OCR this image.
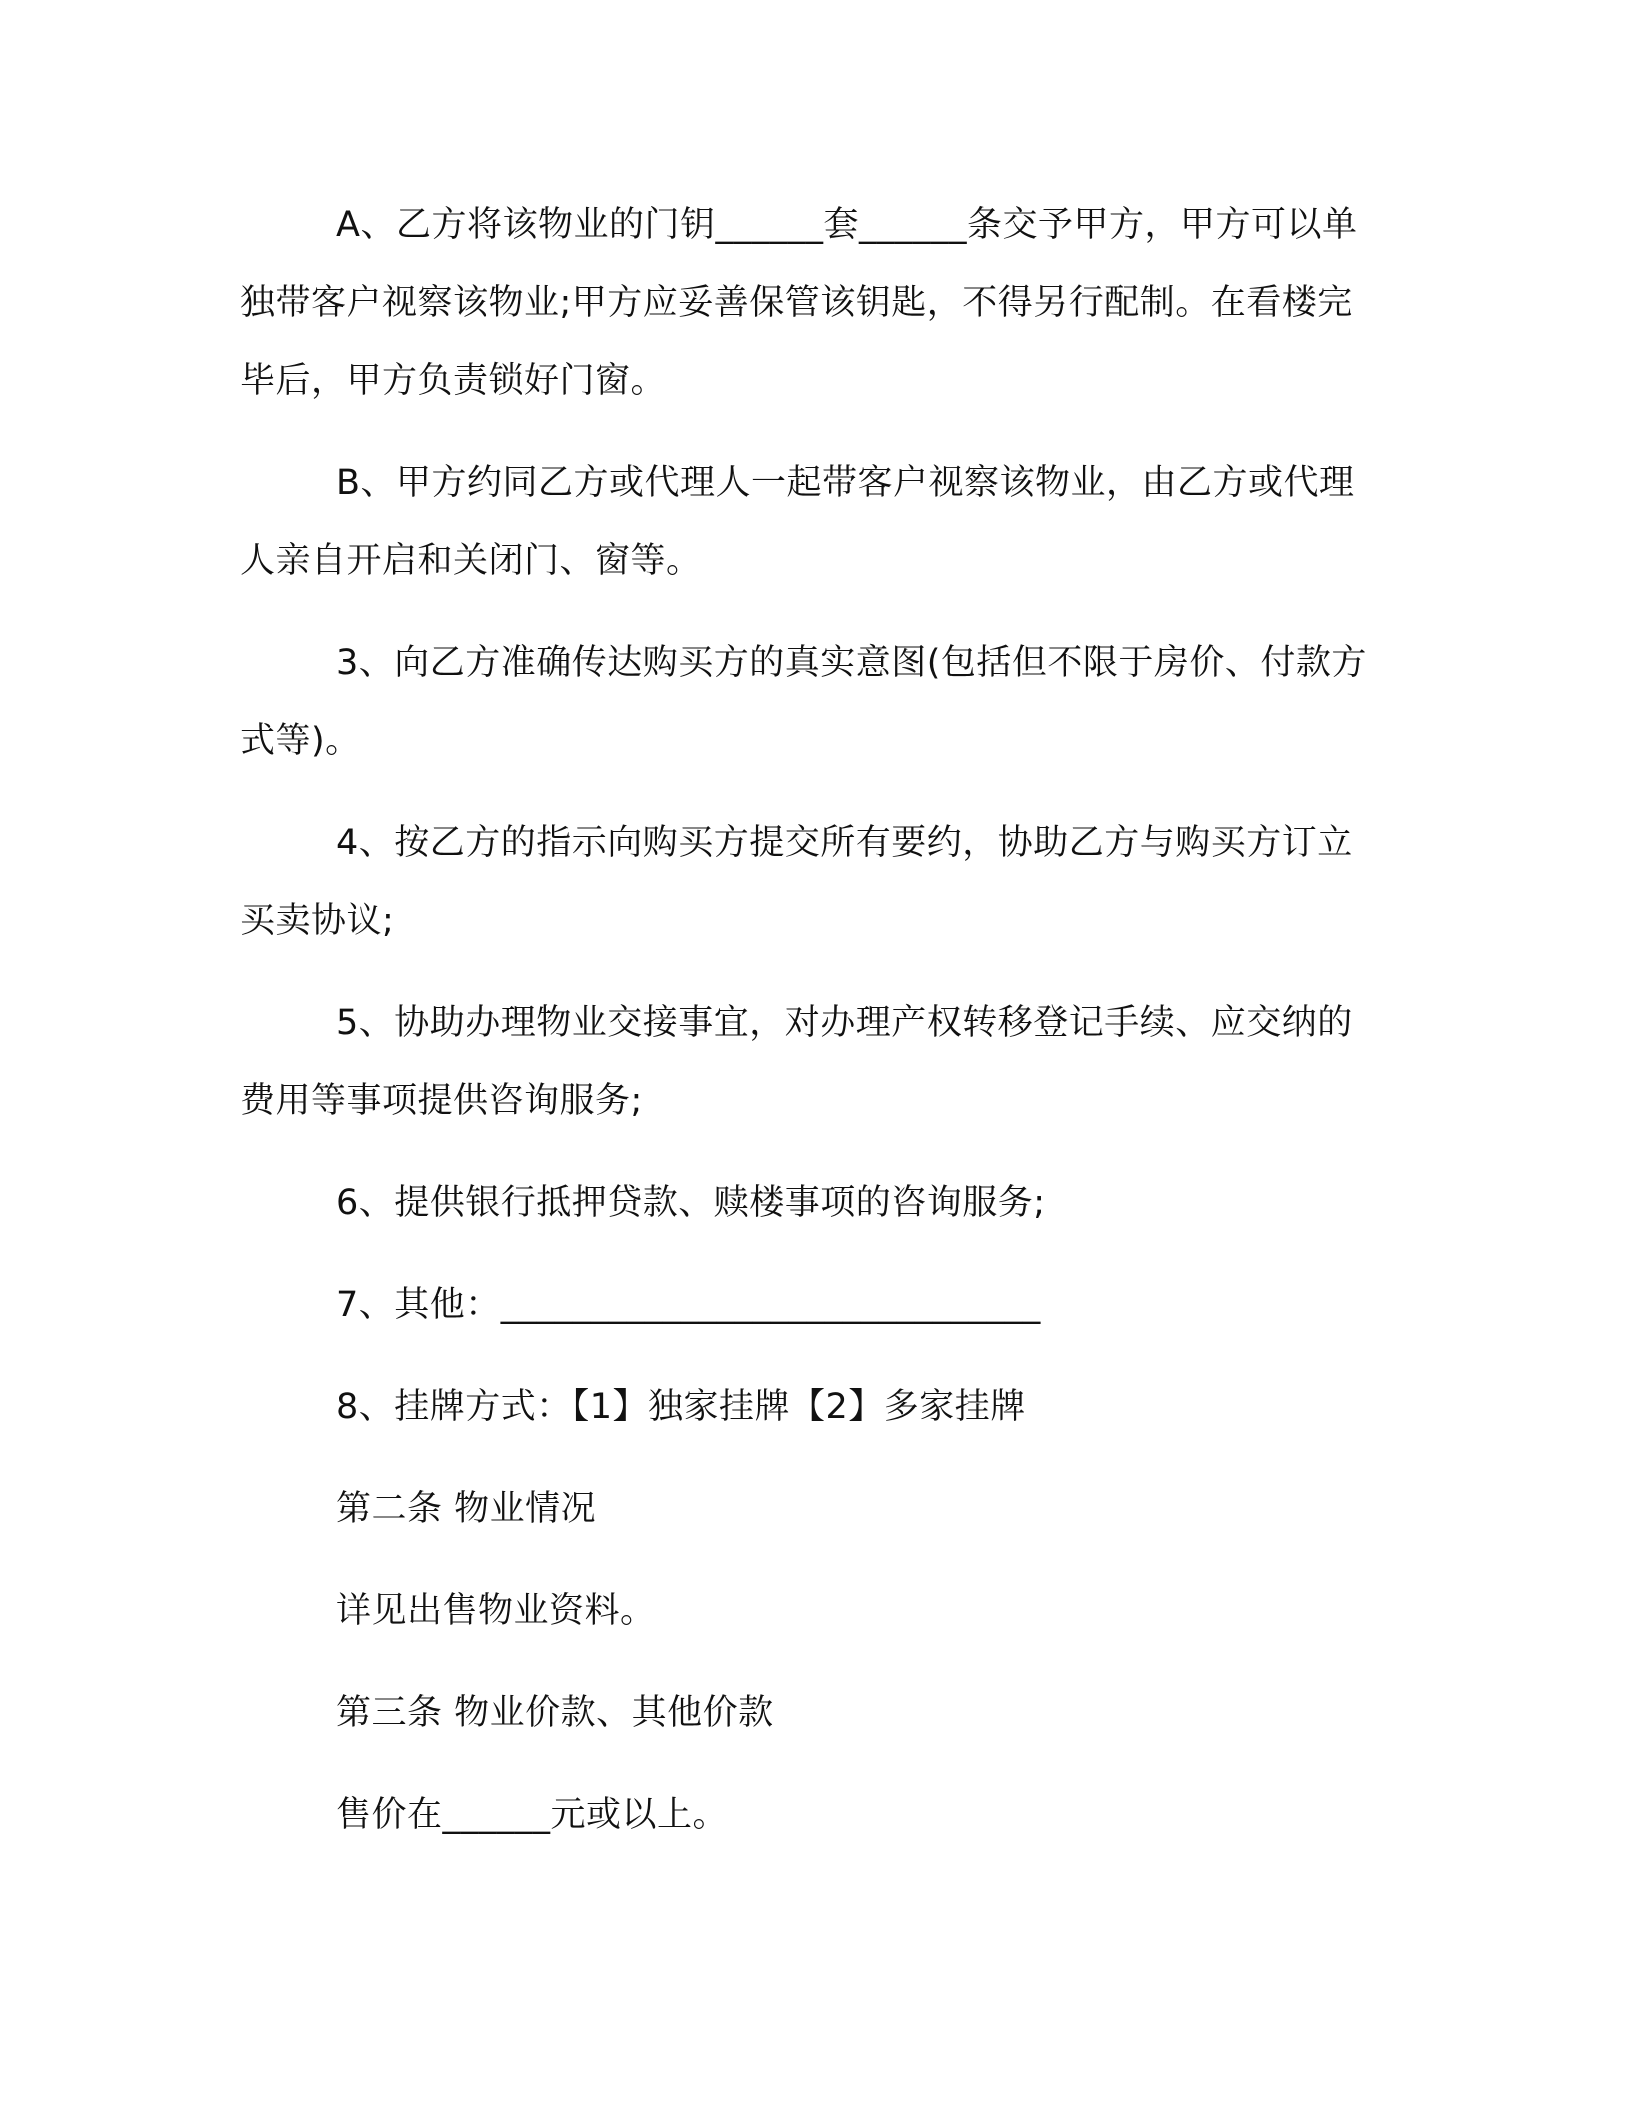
A、乙方将该物业的门钥______套______条交予甲方，甲方可以单独带客户视察该物业;甲方应妥善保管该钥匙，不得另行配制。在看楼完毕后，甲方负责锁好门窗。

B、甲方约同乙方或代理人一起带客户视察该物业，由乙方或代理人亲自开启和关闭门、窗等。

3、向乙方准确传达购买方的真实意图(包括但不限于房价、付款方式等)。

4、按乙方的指示向购买方提交所有要约，协助乙方与购买方订立买卖协议;

5、协助办理物业交接事宜，对办理产权转移登记手续、应交纳的费用等事项提供咨询服务;

6、提供银行抵押贷款、赎楼事项的咨询服务;

7、其他：______________________________

8、挂牌方式：【1】独家挂牌【2】多家挂牌

第二条 物业情况

详见出售物业资料。

第三条 物业价款、其他价款

售价在______元或以上。
